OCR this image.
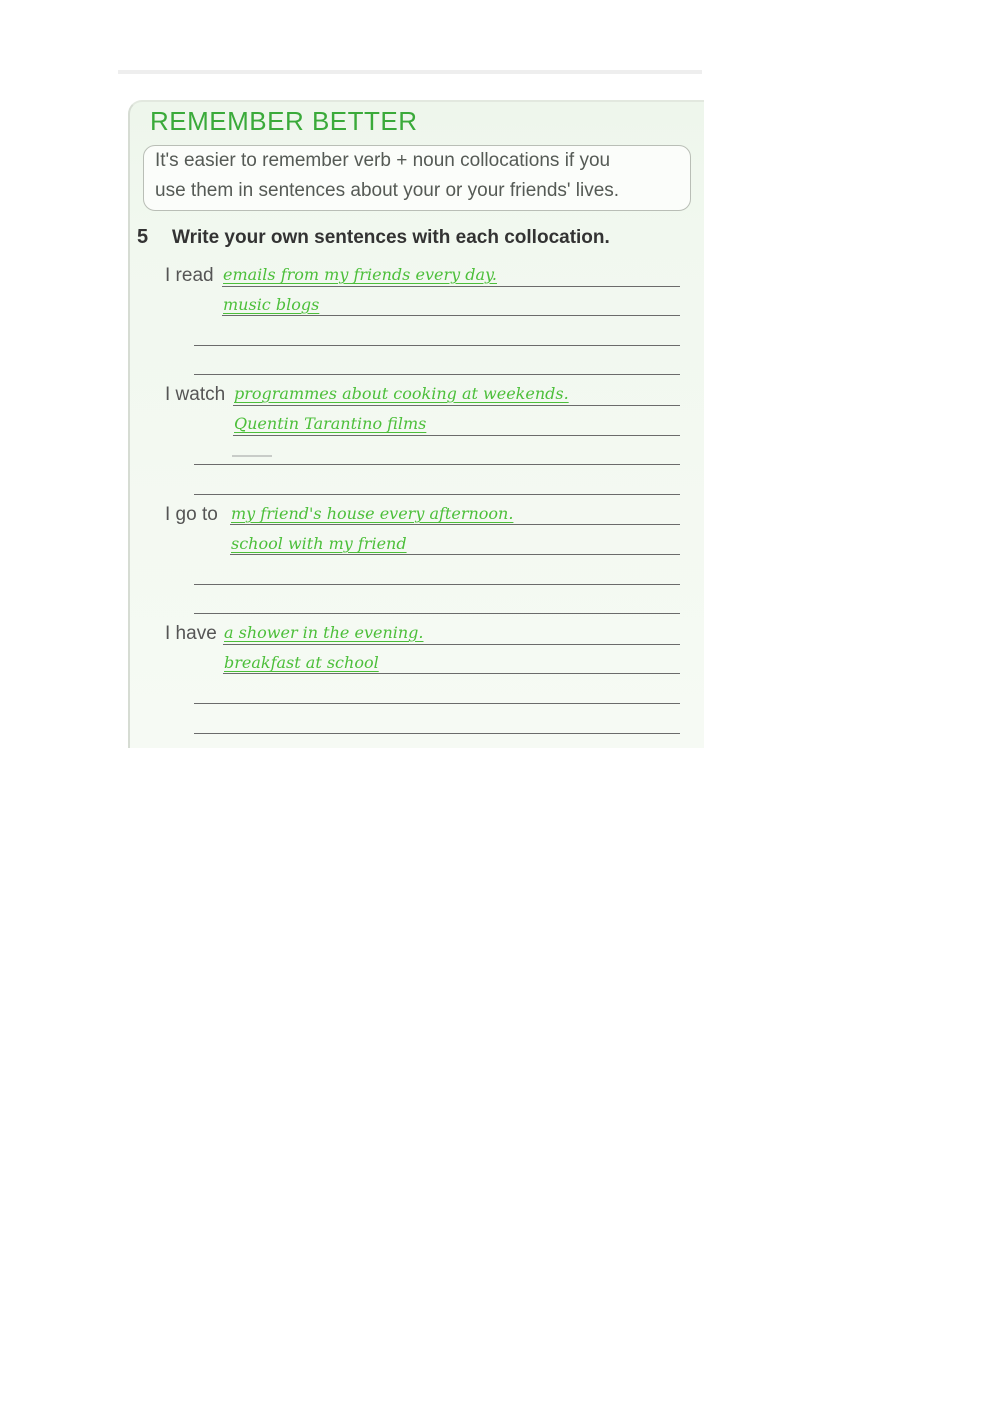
REMEMBER BETTER
It's easier to remember verb + noun collocations if you
use them in sentences about your or your friends' lives.
5 Write your own sentences with each collocation.
I read emails from my friends every day.
music blogs
I watch programmes about cooking at weekends.
Quentin Tarantino films
I go to my friend's house every afternoon.
school with my friend
I have a shower in the evening.
breakfast at school
